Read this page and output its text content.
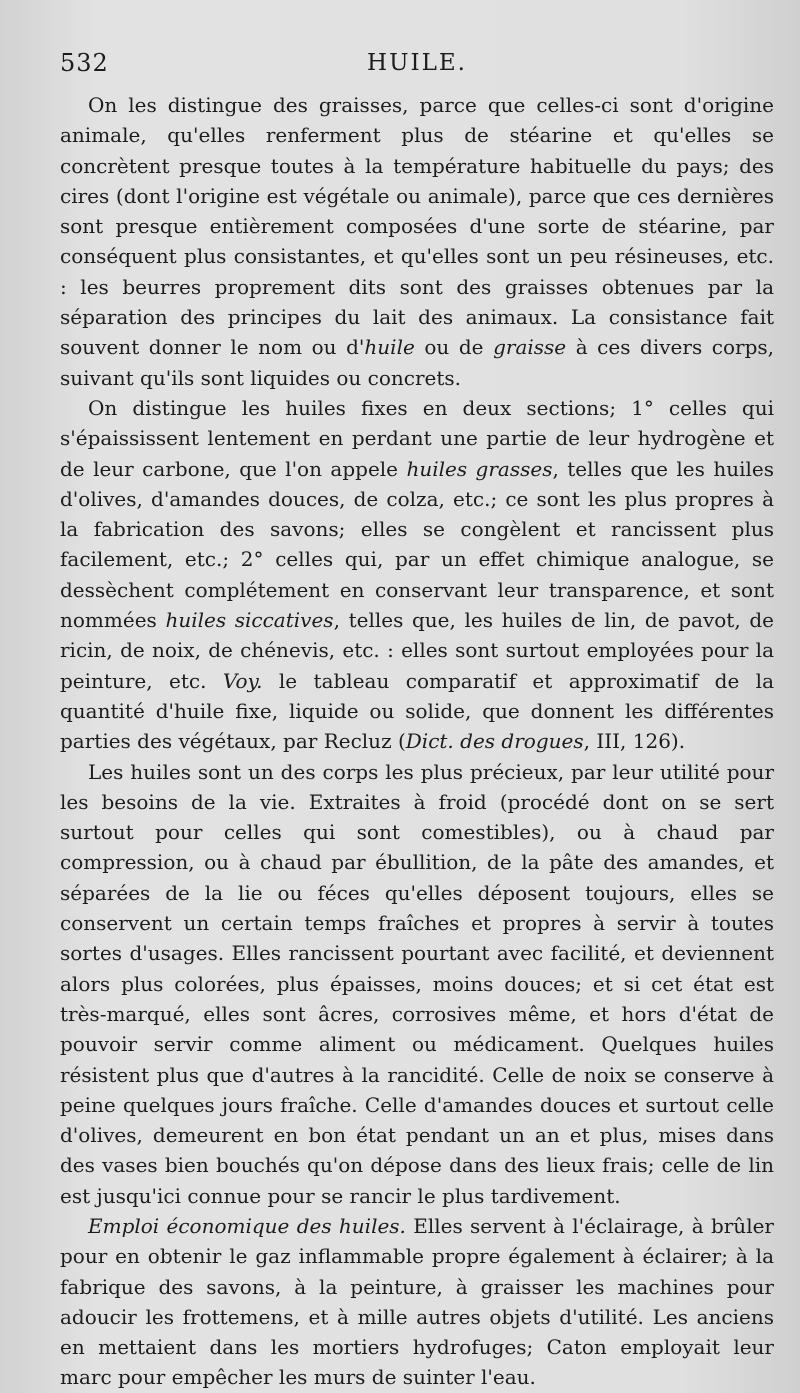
532	HUILE.

On les distingue des graisses, parce que celles-ci sont d'origine animale, qu'elles renferment plus de stéarine et qu'elles se concrètent presque toutes à la température habituelle du pays; des cires (dont l'origine est végétale ou animale), parce que ces dernières sont presque entièrement composées d'une sorte de stéarine, par conséquent plus consistantes, et qu'elles sont un peu résineuses, etc. : les beurres proprement dits sont des graisses obtenues par la séparation des principes du lait des animaux. La consistance fait souvent donner le nom ou d'huile ou de graisse à ces divers corps, suivant qu'ils sont liquides ou concrets.

On distingue les huiles fixes en deux sections; 1° celles qui s'épaississent lentement en perdant une partie de leur hydrogène et de leur carbone, que l'on appele huiles grasses, telles que les huiles d'olives, d'amandes douces, de colza, etc.; ce sont les plus propres à la fabrication des savons; elles se congèlent et rancissent plus facilement, etc.; 2° celles qui, par un effet chimique analogue, se dessèchent complétement en conservant leur transparence, et sont nommées huiles siccatives, telles que, les huiles de lin, de pavot, de ricin, de noix, de chénevis, etc. : elles sont surtout employées pour la peinture, etc. Voy. le tableau comparatif et approximatif de la quantité d'huile fixe, liquide ou solide, que donnent les différentes parties des végétaux, par Recluz (Dict. des drogues, III, 126).

Les huiles sont un des corps les plus précieux, par leur utilité pour les besoins de la vie. Extraites à froid (procédé dont on se sert surtout pour celles qui sont comestibles), ou à chaud par compression, ou à chaud par ébullition, de la pâte des amandes, et séparées de la lie ou féces qu'elles déposent toujours, elles se conservent un certain temps fraîches et propres à servir à toutes sortes d'usages. Elles rancissent pourtant avec facilité, et deviennent alors plus colorées, plus épaisses, moins douces; et si cet état est très-marqué, elles sont âcres, corrosives même, et hors d'état de pouvoir servir comme aliment ou médicament. Quelques huiles résistent plus que d'autres à la rancidité. Celle de noix se conserve à peine quelques jours fraîche. Celle d'amandes douces et surtout celle d'olives, demeurent en bon état pendant un an et plus, mises dans des vases bien bouchés qu'on dépose dans des lieux frais; celle de lin est jusqu'ici connue pour se rancir le plus tardivement.

Emploi économique des huiles. Elles servent à l'éclairage, à brûler pour en obtenir le gaz inflammable propre également à éclairer; à la fabrique des savons, à la peinture, à graisser les machines pour adoucir les frottemens, et à mille autres objets d'utilité. Les anciens en mettaient dans les mortiers hydrofuges; Caton employait leur marc pour empêcher les murs de suinter l'eau.
